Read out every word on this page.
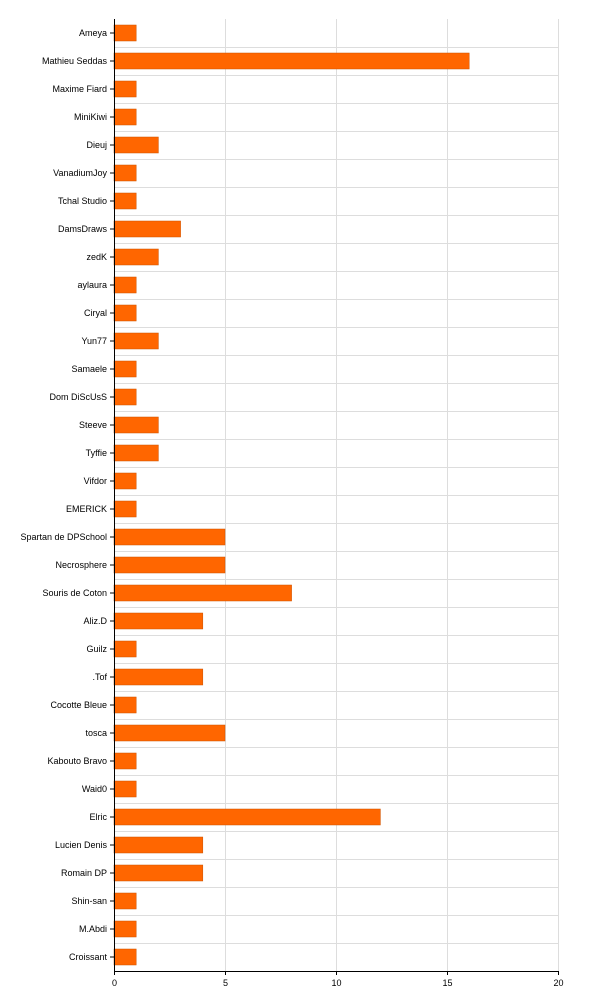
Ameya
Mathieu Seddas
Maxime Fiard
MiniKiwi
Dieuj
VanadiumJoy
Tchal Studio
DamsDraws
zedK
aylaura
Ciryal
Yun77
Samaele
Dom DiScUsS
Steeve
Tyffie
Vifdor
EMERICK
Spartan de DPSchool
Necrosphere
Souris de Coton
Aliz.D
Guilz
.Tof
Cocotte Bleue
tosca
Kabouto Bravo
Waid0
Elric
Lucien Denis
Romain DP
Shin-san
M.Abdi
Croissant
0	5	10	15	20
